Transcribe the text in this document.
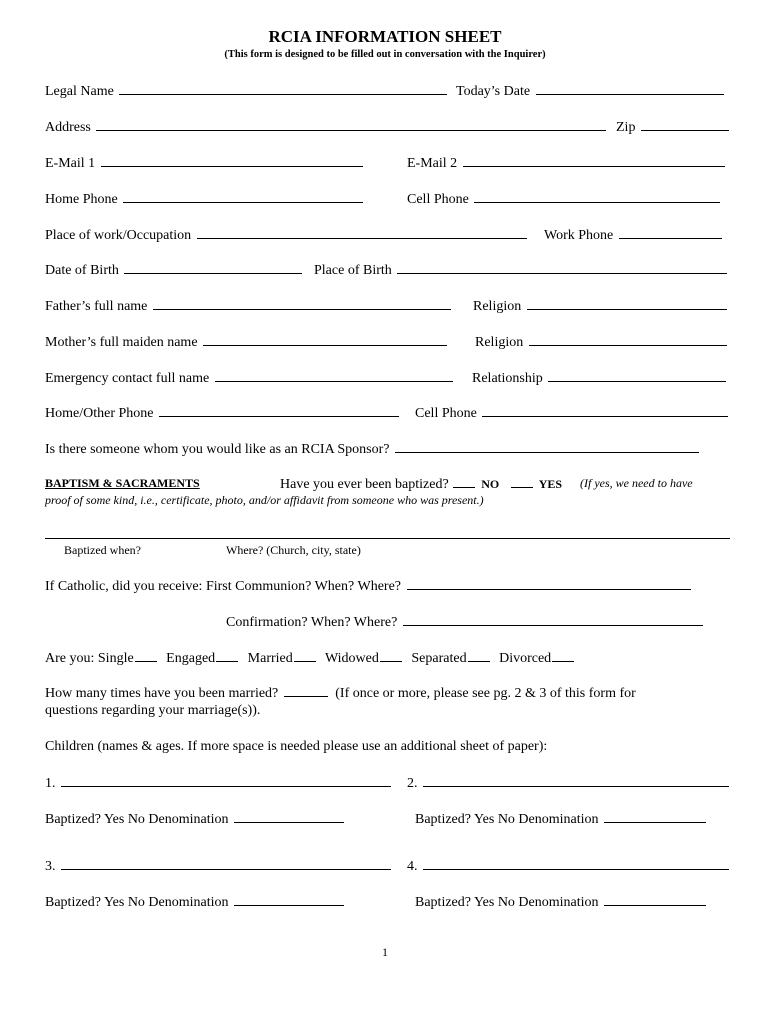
RCIA INFORMATION SHEET
(This form is designed to be filled out in conversation with the Inquirer)
Legal Name	Today’s Date
Address	Zip
E-Mail 1	E-Mail 2
Home Phone	Cell Phone
Place of work/Occupation	Work Phone
Date of Birth	Place of Birth
Father’s full name	Religion
Mother’s full maiden name	Religion
Emergency contact full name	Relationship
Home/Other Phone	Cell Phone
Is there someone whom you would like as an RCIA Sponsor?
BAPTISM & SACRAMENTS	Have you ever been baptized?	NO	YES (If yes, we need to have
proof of some kind, i.e., certificate, photo, and/or affidavit from someone who was present.)
Baptized when?	Where? (Church, city, state)
If Catholic, did you receive: First Communion? When? Where?
Confirmation? When? Where?
Are you: Single Engaged Married Widowed Separated Divorced
How many times have you been married?	(If once or more, please see pg. 2 & 3 of this form for
questions regarding your marriage(s)).
Children (names & ages. If more space is needed please use an additional sheet of paper):
1.	2.
Baptized? Yes No Denomination	Baptized? Yes No Denomination
3.	4.
Baptized? Yes No Denomination	Baptized? Yes No Denomination
1
